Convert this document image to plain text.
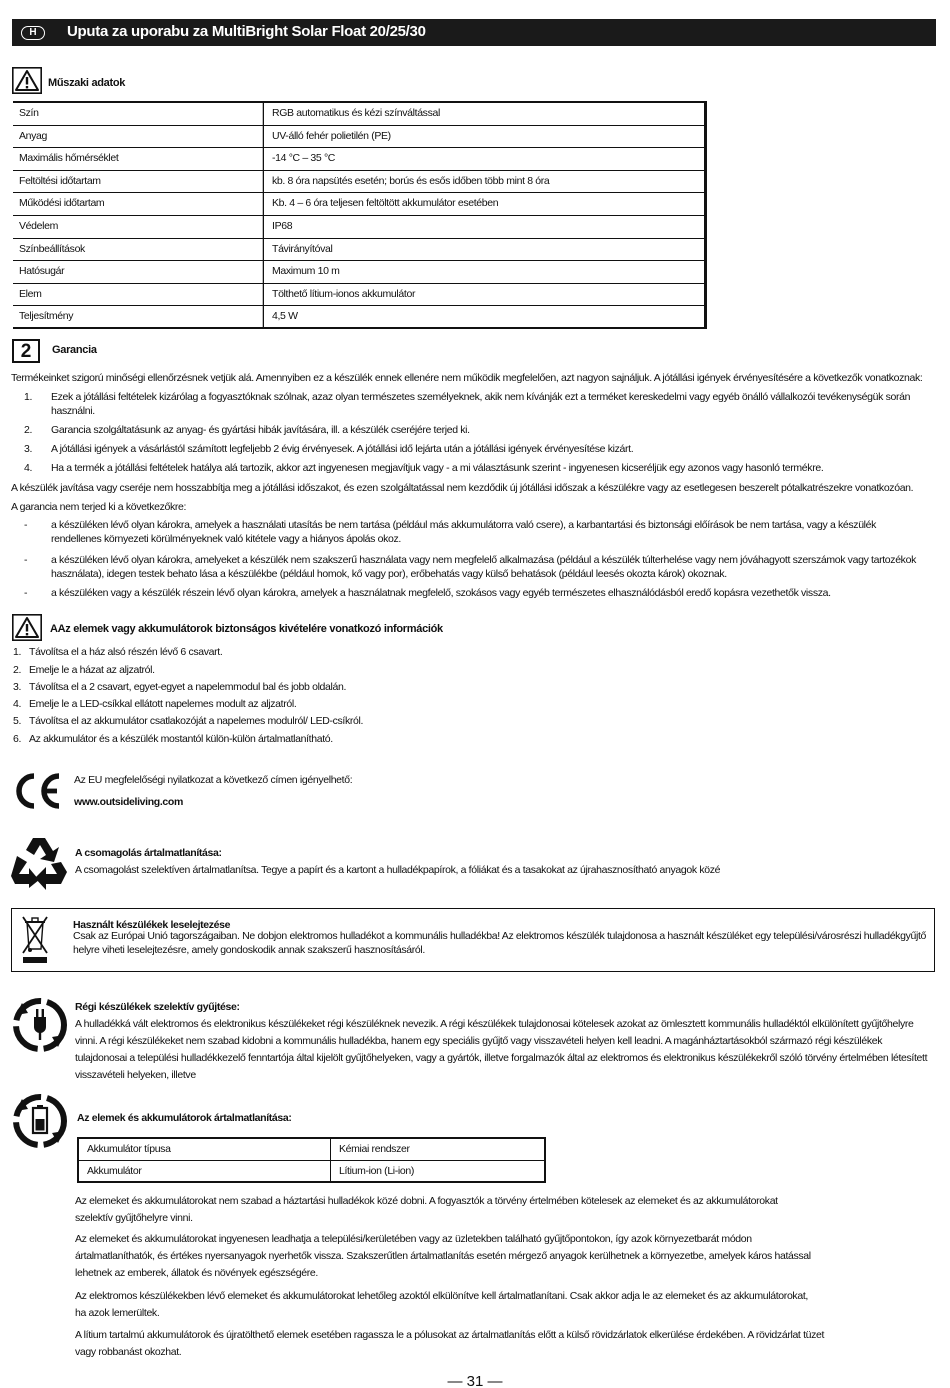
H	Uputa za uporabu za MultiBright Solar Float 20/25/30
Műszaki adatok
Szín	RGB automatikus és kézi színváltással
Anyag	UV-álló fehér polietilén (PE)
Maximális hőmérséklet	-14 °C – 35 °C
Feltöltési időtartam	kb. 8 óra napsütés esetén; borús és esős időben több mint 8 óra
Működési időtartam	Kb. 4 – 6 óra teljesen feltöltött akkumulátor esetében
Védelem	IP68
Színbeállítások	Távirányítóval
Hatósugár	Maximum 10 m
Elem	Tölthető lítium-ionos akkumulátor
Teljesítmény	4,5 W
2 Garancia
Termékeinket szigorú minőségi ellenőrzésnek vetjük alá. Amennyiben ez a készülék ennek ellenére nem működik megfelelően, azt nagyon sajnáljuk. A jótállási igények érvényesítésére a következők vonatkoznak:
1. Ezek a jótállási feltételek kizárólag a fogyasztóknak szólnak, azaz olyan természetes személyeknek, akik nem kívánják ezt a terméket kereskedelmi vagy egyéb önálló vállalkozói tevékenységük során használni.
2. Garancia szolgáltatásunk az anyag- és gyártási hibák javítására, ill. a készülék cseréjére terjed ki.
3. A jótállási igények a vásárlástól számított legfeljebb 2 évig érvényesek. A jótállási idő lejárta után a jótállási igények érvényesítése kizárt.
4. Ha a termék a jótállási feltételek hatálya alá tartozik, akkor azt ingyenesen megjavítjuk vagy - a mi választásunk szerint - ingyenesen kicseréljük egy azonos vagy hasonló termékre.
A készülék javítása vagy cseréje nem hosszabbítja meg a jótállási időszakot, és ezen szolgáltatással nem kezdődik új jótállási időszak a készülékre vagy az esetlegesen beszerelt pótalkatrészekre vonatkozóan.
A garancia nem terjed ki a következőkre:
- a készüléken lévő olyan károkra, amelyek a használati utasítás be nem tartása (például más akkumulátorra való csere), a karbantartási és biztonsági előírások be nem tartása, vagy a készülék rendellenes környezeti körülményeknek való kitétele vagy a hiányos ápolás okoz.
- a készüléken lévő olyan károkra, amelyeket a készülék nem szakszerű használata vagy nem megfelelő alkalmazása (például a készülék túlterhelése vagy nem jóváhagyott szerszámok vagy tartozékok használata), idegen testek behato lása a készülékbe (például homok, kő vagy por), erőbehatás vagy külső behatások (például leesés okozta károk) okoznak.
- a készüléken vagy a készülék részein lévő olyan károkra, amelyek a használatnak megfelelő, szokásos vagy egyéb természetes elhasználódásból eredő kopásra vezethetők vissza.
AAz elemek vagy akkumulátorok biztonságos kivételére vonatkozó információk
1. Távolítsa el a ház alsó részén lévő 6 csavart.
2. Emelje le a házat az aljzatról.
3. Távolítsa el a 2 csavart, egyet-egyet a napelemmodul bal és jobb oldalán.
4. Emelje le a LED-csíkkal ellátott napelemes modult az aljzatról.
5. Távolítsa el az akkumulátor csatlakozóját a napelemes modulról/ LED-csíkról.
6. Az akkumulátor és a készülék mostantól külön-külön ártalmatlanítható.
Az EU megfelelőségi nyilatkozat a következő címen igényelhető:
www.outsideliving.com
A csomagolás ártalmatlanítása:
A csomagolást szelektíven ártalmatlanítsa. Tegye a papírt és a kartont a hulladékpapírok, a fóliákat és a tasakokat az újrahasznosítható anyagok közé
Használt készülékek leselejtezése
Csak az Európai Unió tagországaiban. Ne dobjon elektromos hulladékot a kommunális hulladékba! Az elektromos készülék tulajdonosa a használt készüléket egy települési/városrészi hulladékgyűjtő helyre viheti leselejtezésre, amely gondoskodik annak szakszerű hasznosításáról.
Régi készülékek szelektív gyűjtése:
A hulladékká vált elektromos és elektronikus készülékeket régi készüléknek nevezik. A régi készülékek tulajdonosai kötelesek azokat az ömlesztett kommunális hulladéktól elkülönített gyűjtőhelyre vinni. A régi készülékeket nem szabad kidobni a kommunális hulladékba, hanem egy speciális gyűjtő vagy visszavételi helyen kell leadni. A magánháztartásokból származó régi készülékek tulajdonosai a települési hulladékkezelő fenntartója által kijelölt gyűjtőhelyeken, vagy a gyártók, illetve forgalmazók által az elektromos és elektronikus készülékekről szóló törvény értelmében létesített visszavételi helyeken, illetve
Az elemek és akkumulátorok ártalmatlanítása:
Akkumulátor típusa	Kémiai rendszer
Akkumulátor	Lítium-ion (Li-ion)
Az elemeket és akkumulátorokat nem szabad a háztartási hulladékok közé dobni. A fogyasztók a törvény értelmében kötelesek az elemeket és az akkumulátorokat szelektív gyűjtőhelyre vinni.
Az elemeket és akkumulátorokat ingyenesen leadhatja a települési/kerületében vagy az üzletekben található gyűjtőpontokon, így azok környezetbarát módon ártalmatlaníthatók, és értékes nyersanyagok nyerhetők vissza. Szakszerűtlen ártalmatlanítás esetén mérgező anyagok kerülhetnek a környezetbe, amelyek káros hatással lehetnek az emberek, állatok és növények egészségére.
Az elektromos készülékekben lévő elemeket és akkumulátorokat lehetőleg azoktól elkülönítve kell ártalmatlanítani. Csak akkor adja le az elemeket és az akkumulátorokat, ha azok lemerültek.
A lítium tartalmú akkumulátorok és újratölthető elemek esetében ragassza le a pólusokat az ártalmatlanítás előtt a külső rövidzárlatok elkerülése érdekében. A rövidzárlat tüzet vagy robbanást okozhat.
— 31 —
